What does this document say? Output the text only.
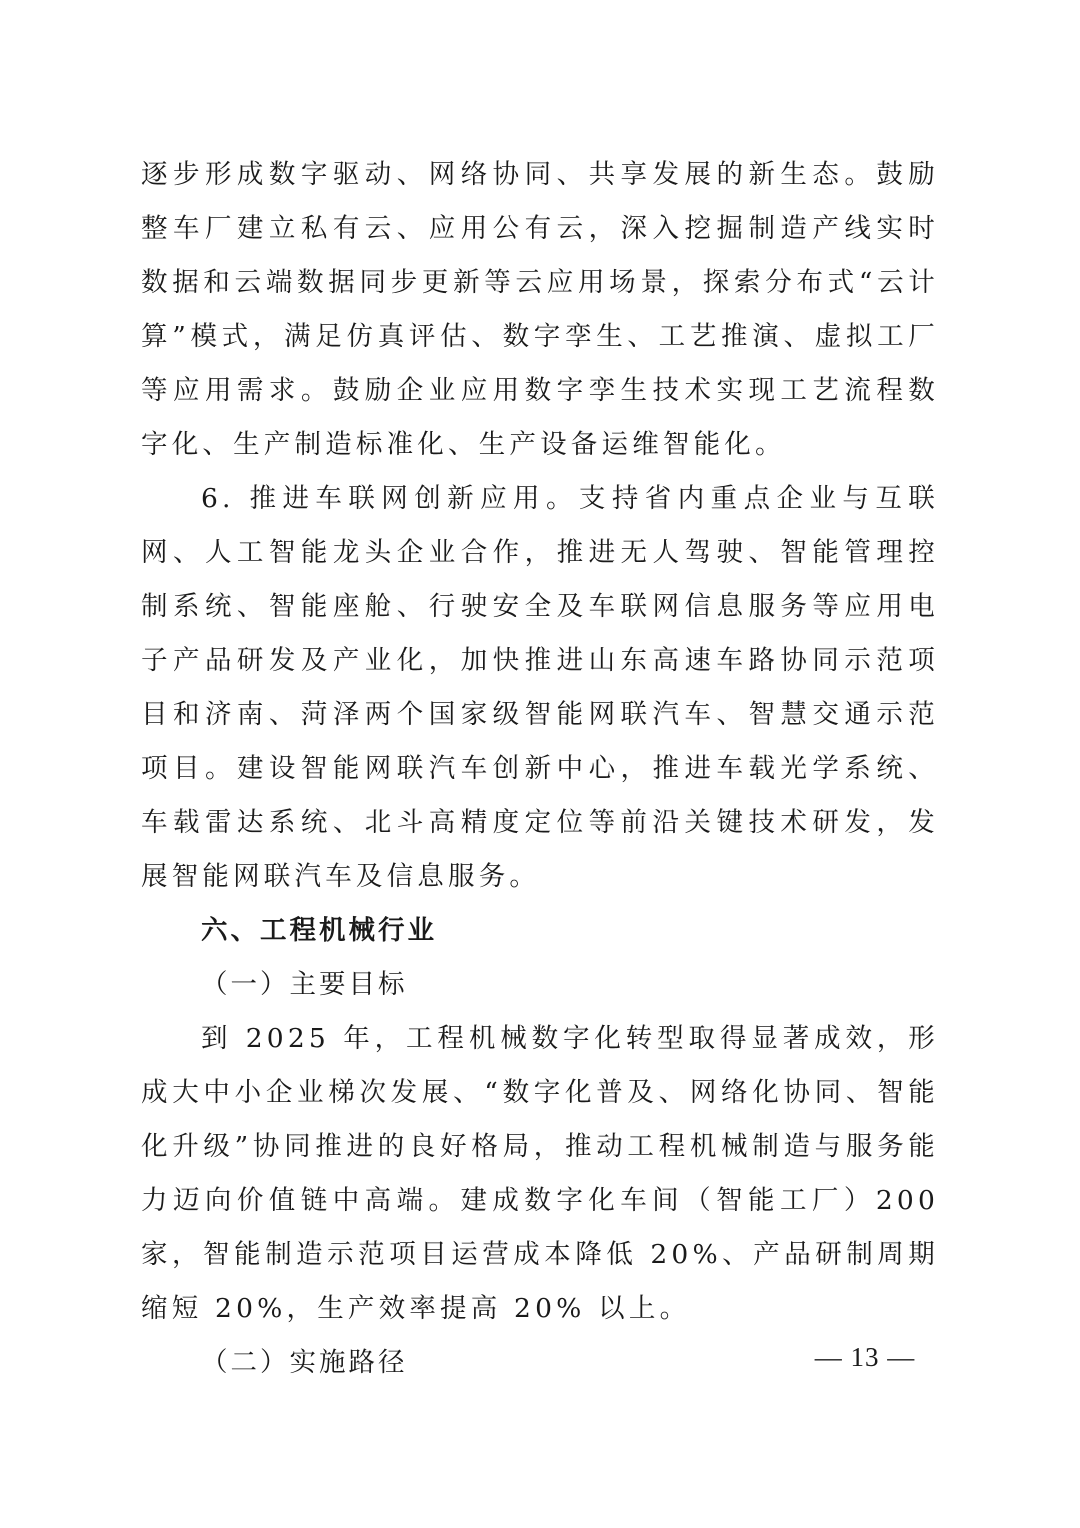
逐步形成数字驱动、网络协同、共享发展的新生态。鼓励整车厂建立私有云、应用公有云，深入挖掘制造产线实时数据和云端数据同步更新等云应用场景，探索分布式“云计算”模式，满足仿真评估、数字孪生、工艺推演、虚拟工厂等应用需求。鼓励企业应用数字孪生技术实现工艺流程数字化、生产制造标准化、生产设备运维智能化。

6. 推进车联网创新应用。支持省内重点企业与互联网、人工智能龙头企业合作，推进无人驾驶、智能管理控制系统、智能座舱、行驶安全及车联网信息服务等应用电子产品研发及产业化，加快推进山东高速车路协同示范项目和济南、菏泽两个国家级智能网联汽车、智慧交通示范项目。建设智能网联汽车创新中心，推进车载光学系统、车载雷达系统、北斗高精度定位等前沿关键技术研发，发展智能网联汽车及信息服务。

六、工程机械行业

（一）主要目标

到 2025 年，工程机械数字化转型取得显著成效，形成大中小企业梯次发展、“数字化普及、网络化协同、智能化升级”协同推进的良好格局，推动工程机械制造与服务能力迈向价值链中高端。建成数字化车间（智能工厂）200 家，智能制造示范项目运营成本降低 20%、产品研制周期缩短 20%，生产效率提高 20% 以上。

（二）实施路径	— 13 —
